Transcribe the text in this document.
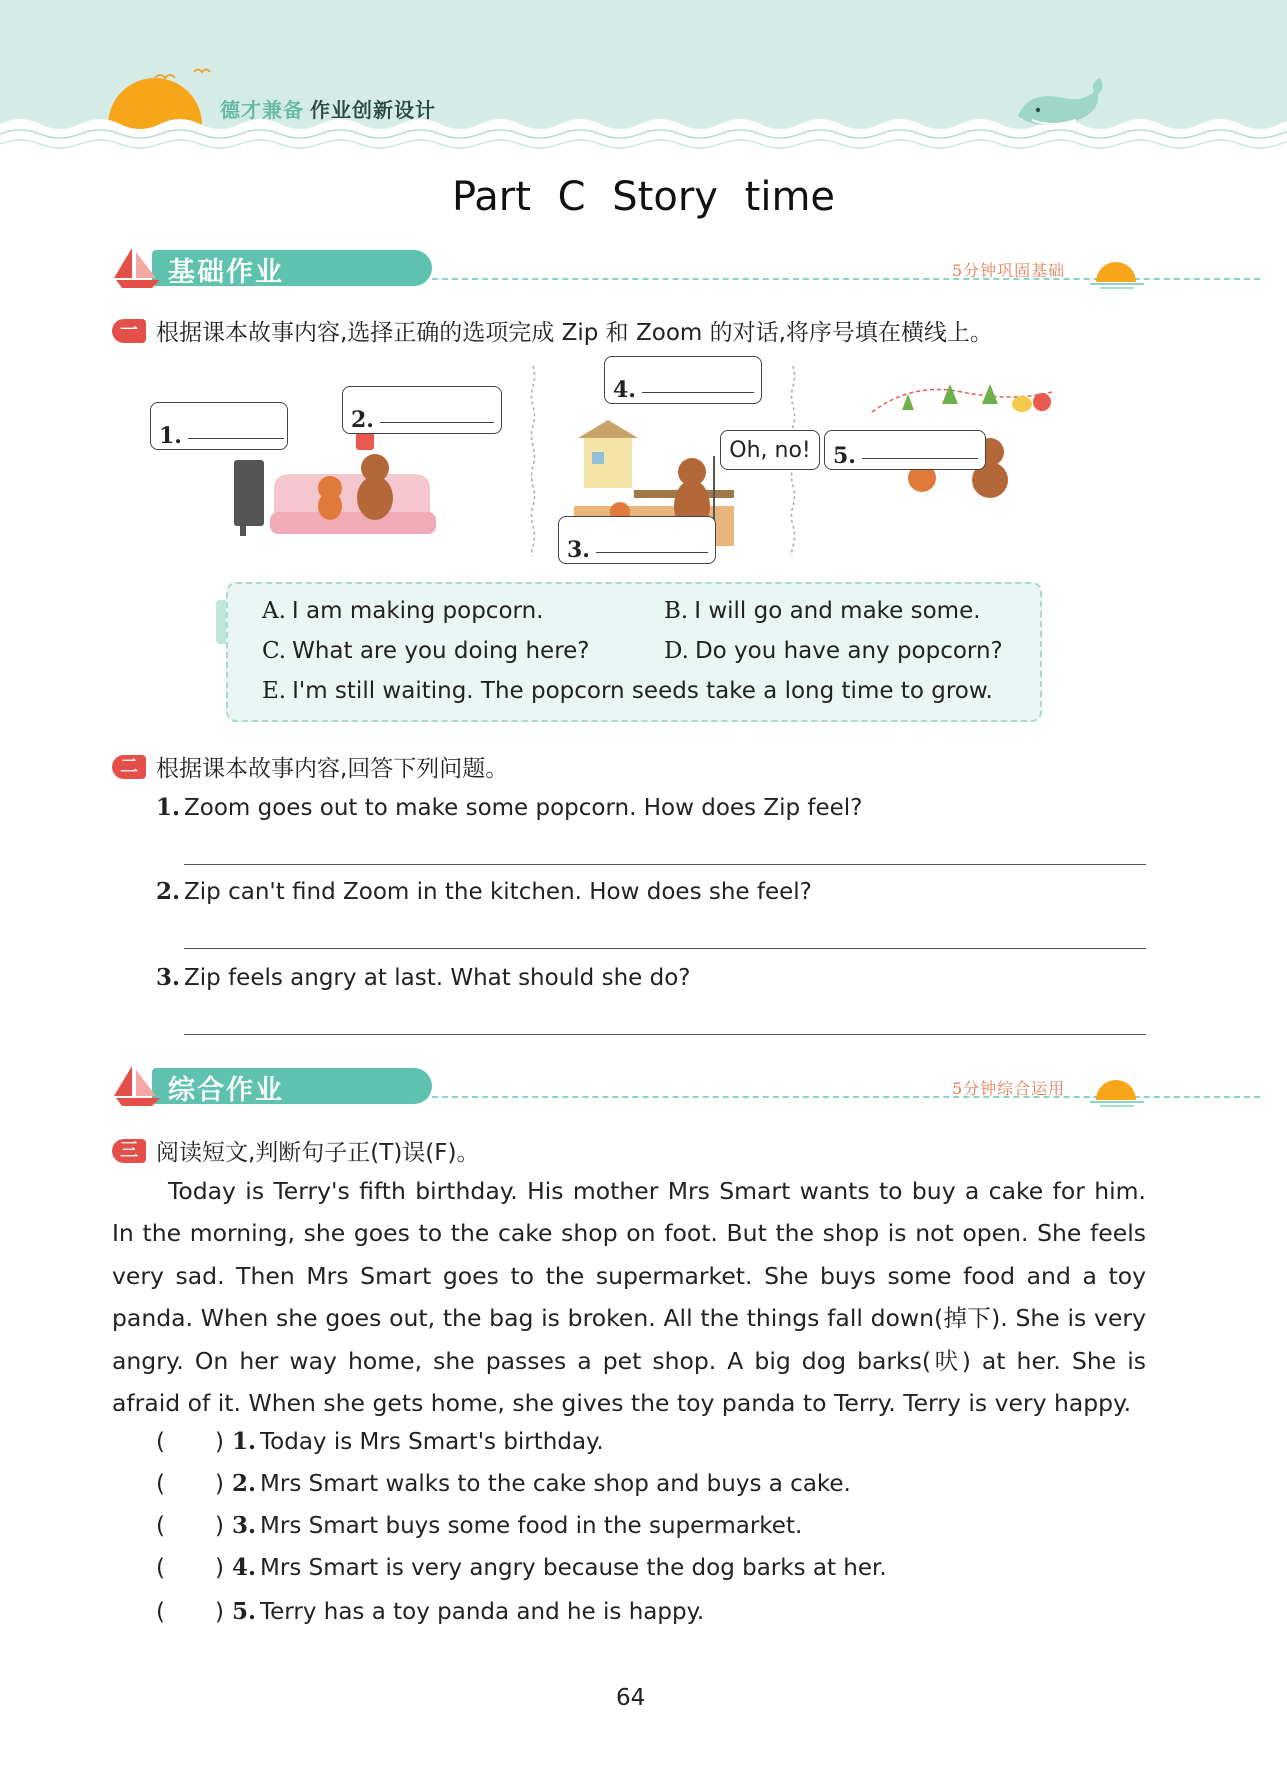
德才兼备 作业创新设计
Part C Story time
基础作业	5分钟巩固基础
一 根据课本故事内容,选择正确的选项完成 Zip 和 Zoom 的对话,将序号填在横线上。
1.
2.
4.
3.
Oh, no! 5.
A. I am making popcorn.	B. I will go and make some.
C. What are you doing here?	D. Do you have any popcorn?
E. I'm still waiting. The popcorn seeds take a long time to grow.
二 根据课本故事内容,回答下列问题。
1. Zoom goes out to make some popcorn. How does Zip feel?
2. Zip can't find Zoom in the kitchen. How does she feel?
3. Zip feels angry at last. What should she do?
综合作业	5分钟综合运用
三 阅读短文,判断句子正(T)误(F)。
Today is Terry's fifth birthday. His mother Mrs Smart wants to buy a cake for him. In the morning, she goes to the cake shop on foot. But the shop is not open. She feels very sad. Then Mrs Smart goes to the supermarket. She buys some food and a toy panda. When she goes out, the bag is broken. All the things fall down(掉下). She is very angry. On her way home, she passes a pet shop. A big dog barks(吠) at her. She is afraid of it. When she gets home, she gives the toy panda to Terry. Terry is very happy.
( ) 1. Today is Mrs Smart's birthday.
( ) 2. Mrs Smart walks to the cake shop and buys a cake.
( ) 3. Mrs Smart buys some food in the supermarket.
( ) 4. Mrs Smart is very angry because the dog barks at her.
( ) 5. Terry has a toy panda and he is happy.
64
